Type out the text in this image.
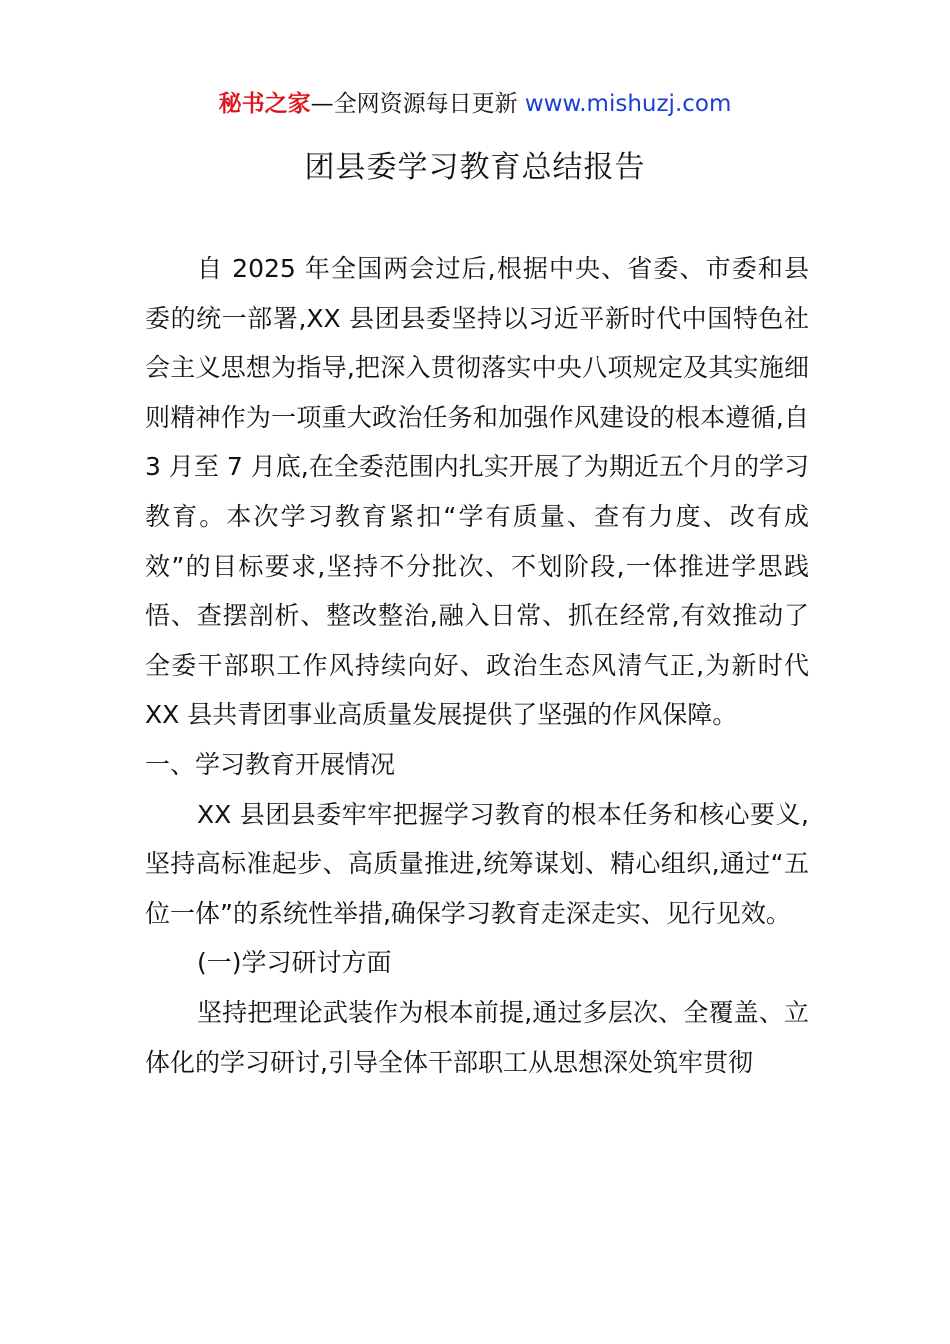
秘书之家—全网资源每日更新 www.mishuzj.com
团县委学习教育总结报告

自 2025 年全国两会过后,根据中央、省委、市委和县委的统一部署,XX 县团县委坚持以习近平新时代中国特色社会主义思想为指导,把深入贯彻落实中央八项规定及其实施细则精神作为一项重大政治任务和加强作风建设的根本遵循,自 3 月至 7 月底,在全委范围内扎实开展了为期近五个月的学习教育。本次学习教育紧扣“学有质量、查有力度、改有成效”的目标要求,坚持不分批次、不划阶段,一体推进学思践悟、查摆剖析、整改整治,融入日常、抓在经常,有效推动了全委干部职工作风持续向好、政治生态风清气正,为新时代 XX 县共青团事业高质量发展提供了坚强的作风保障。

一、学习教育开展情况

XX 县团县委牢牢把握学习教育的根本任务和核心要义,坚持高标准起步、高质量推进,统筹谋划、精心组织,通过“五位一体”的系统性举措,确保学习教育走深走实、见行见效。

(一)学习研讨方面

坚持把理论武装作为根本前提,通过多层次、全覆盖、立体化的学习研讨,引导全体干部职工从思想深处筑牢贯彻
